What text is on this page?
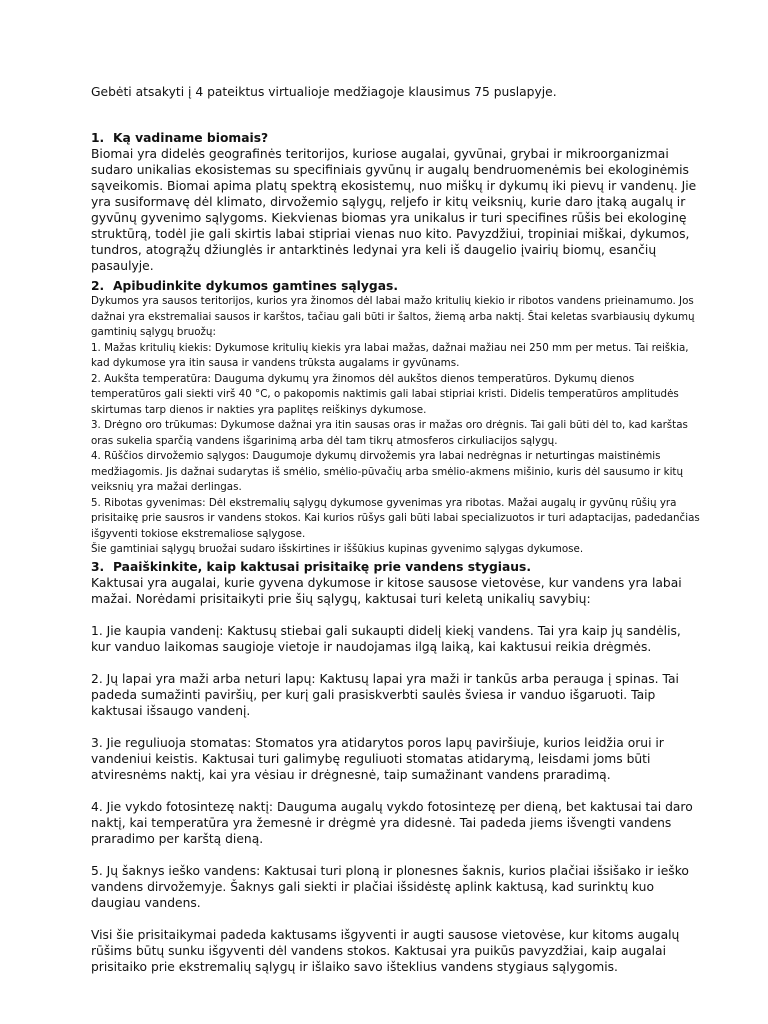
Gebėti atsakyti į 4 pateiktus virtualioje medžiagoje klausimus 75 puslapyje.

1. Ką vadiname biomais?

Biomai yra didelės geografinės teritorijos, kuriose augalai, gyvūnai, grybai ir mikroorganizmai

sudaro unikalias ekosistemas su specifiniais gyvūnų ir augalų bendruomenėmis bei ekologinėmis

sąveikomis. Biomai apima platų spektrą ekosistemų, nuo miškų ir dykumų iki pievų ir vandenų. Jie

yra susiformavę dėl klimato, dirvožemio sąlygų, reljefo ir kitų veiksnių, kurie daro įtaką augalų ir

gyvūnų gyvenimo sąlygoms. Kiekvienas biomas yra unikalus ir turi specifines rūšis bei ekologinę

struktūrą, todėl jie gali skirtis labai stipriai vienas nuo kito. Pavyzdžiui, tropiniai miškai, dykumos,

tundros, atogrąžų džiunglės ir antarktinės ledynai yra keli iš daugelio įvairių biomų, esančių

pasaulyje.

2. Apibudinkite dykumos gamtines sąlygas.

Dykumos yra sausos teritorijos, kurios yra žinomos dėl labai mažo kritulių kiekio ir ribotos vandens prieinamumo. Jos

dažnai yra ekstremaliai sausos ir karštos, tačiau gali būti ir šaltos, žiemą arba naktį. Štai keletas svarbiausių dykumų

gamtinių sąlygų bruožų:

1. Mažas kritulių kiekis: Dykumose kritulių kiekis yra labai mažas, dažnai mažiau nei 250 mm per metus. Tai reiškia,

kad dykumose yra itin sausa ir vandens trūksta augalams ir gyvūnams.

2. Aukšta temperatūra: Dauguma dykumų yra žinomos dėl aukštos dienos temperatūros. Dykumų dienos

temperatūros gali siekti virš 40 °C, o pakopomis naktimis gali labai stipriai kristi. Didelis temperatūros amplitudės

skirtumas tarp dienos ir nakties yra paplitęs reiškinys dykumose.

3. Drėgno oro trūkumas: Dykumose dažnai yra itin sausas oras ir mažas oro drėgnis. Tai gali būti dėl to, kad karštas

oras sukelia sparčią vandens išgarinimą arba dėl tam tikrų atmosferos cirkuliacijos sąlygų.

4. Rūščios dirvožemio sąlygos: Daugumoje dykumų dirvožemis yra labai nedrėgnas ir neturtingas maistinėmis

medžiagomis. Jis dažnai sudarytas iš smėlio, smėlio-pūvačių arba smėlio-akmens mišinio, kuris dėl sausumo ir kitų

veiksnių yra mažai derlingas.

5. Ribotas gyvenimas: Dėl ekstremalių sąlygų dykumose gyvenimas yra ribotas. Mažai augalų ir gyvūnų rūšių yra

prisitaikę prie sausros ir vandens stokos. Kai kurios rūšys gali būti labai specializuotos ir turi adaptacijas, padedančias

išgyventi tokiose ekstremaliose sąlygose.

Šie gamtiniai sąlygų bruožai sudaro išskirtines ir iššūkius kupinas gyvenimo sąlygas dykumose.

3. Paaiškinkite, kaip kaktusai prisitaikę prie vandens stygiaus.

Kaktusai yra augalai, kurie gyvena dykumose ir kitose sausose vietovėse, kur vandens yra labai

mažai. Norėdami prisitaikyti prie šių sąlygų, kaktusai turi keletą unikalių savybių:

1. Jie kaupia vandenį: Kaktusų stiebai gali sukaupti didelį kiekį vandens. Tai yra kaip jų sandėlis,

kur vanduo laikomas saugioje vietoje ir naudojamas ilgą laiką, kai kaktusui reikia drėgmės.

2. Jų lapai yra maži arba neturi lapų: Kaktusų lapai yra maži ir tankūs arba perauga į spinas. Tai

padeda sumažinti paviršių, per kurį gali prasiskverbti saulės šviesa ir vanduo išgaruoti. Taip

kaktusai išsaugo vandenį.

3. Jie reguliuoja stomatas: Stomatos yra atidarytos poros lapų paviršiuje, kurios leidžia orui ir

vandeniui keistis. Kaktusai turi galimybę reguliuoti stomatas atidarymą, leisdami joms būti

atviresnėms naktį, kai yra vėsiau ir drėgnesnė, taip sumažinant vandens praradimą.

4. Jie vykdo fotosintezę naktį: Dauguma augalų vykdo fotosintezę per dieną, bet kaktusai tai daro

naktį, kai temperatūra yra žemesnė ir drėgmė yra didesnė. Tai padeda jiems išvengti vandens

praradimo per karštą dieną.

5. Jų šaknys ieško vandens: Kaktusai turi ploną ir plonesnes šaknis, kurios plačiai išsišako ir ieško

vandens dirvožemyje. Šaknys gali siekti ir plačiai išsidėstę aplink kaktusą, kad surinktų kuo

daugiau vandens.

Visi šie prisitaikymai padeda kaktusams išgyventi ir augti sausose vietovėse, kur kitoms augalų

rūšims būtų sunku išgyventi dėl vandens stokos. Kaktusai yra puikūs pavyzdžiai, kaip augalai

prisitaiko prie ekstremalių sąlygų ir išlaiko savo išteklius vandens stygiaus sąlygomis.
